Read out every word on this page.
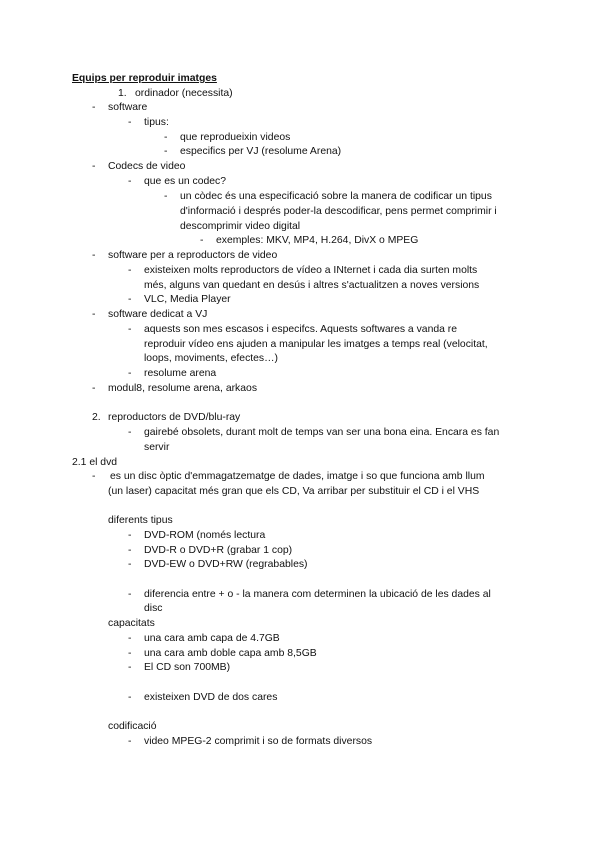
Equips per reproduir imatges
1. ordinador (necessita)
- software
- tipus:
- que reprodueixin videos
- especifics per VJ (resolume Arena)
- Codecs de video
- que es un codec?
- un còdec és una especificació sobre la manera de codificar un tipus
d'informació i després poder-la descodificar, pens permet comprimir i
descomprimir video digital
- exemples: MKV, MP4, H.264, DivX o MPEG
- software per a reproductors de video
- existeixen molts reproductors de vídeo a INternet i cada dia surten molts
més, alguns van quedant en desús i altres s'actualitzen a noves versions
- VLC, Media Player
- software dedicat a VJ
- aquests son mes escasos i especifcs. Aquests softwares a vanda re
reproduir vídeo ens ajuden a manipular les imatges a temps real (velocitat,
loops, moviments, efectes…)
- resolume arena
- modul8, resolume arena, arkaos
2. reproductors de DVD/blu-ray
- gairebé obsolets, durant molt de temps van ser una bona eina. Encara es fan
servir
2.1 el dvd
- es un disc òptic d'emmagatzematge de dades, imatge i so que funciona amb llum
(un laser) capacitat més gran que els CD, Va arribar per substituir el CD i el VHS
diferents tipus
- DVD-ROM (només lectura
- DVD-R o DVD+R (grabar 1 cop)
- DVD-EW o DVD+RW (regrabables)
- diferencia entre + o - la manera com determinen la ubicació de les dades al
disc
capacitats
- una cara amb capa de 4.7GB
- una cara amb doble capa amb 8,5GB
- El CD son 700MB)
- existeixen DVD de dos cares
codificació
- video MPEG-2 comprimit i so de formats diversos
